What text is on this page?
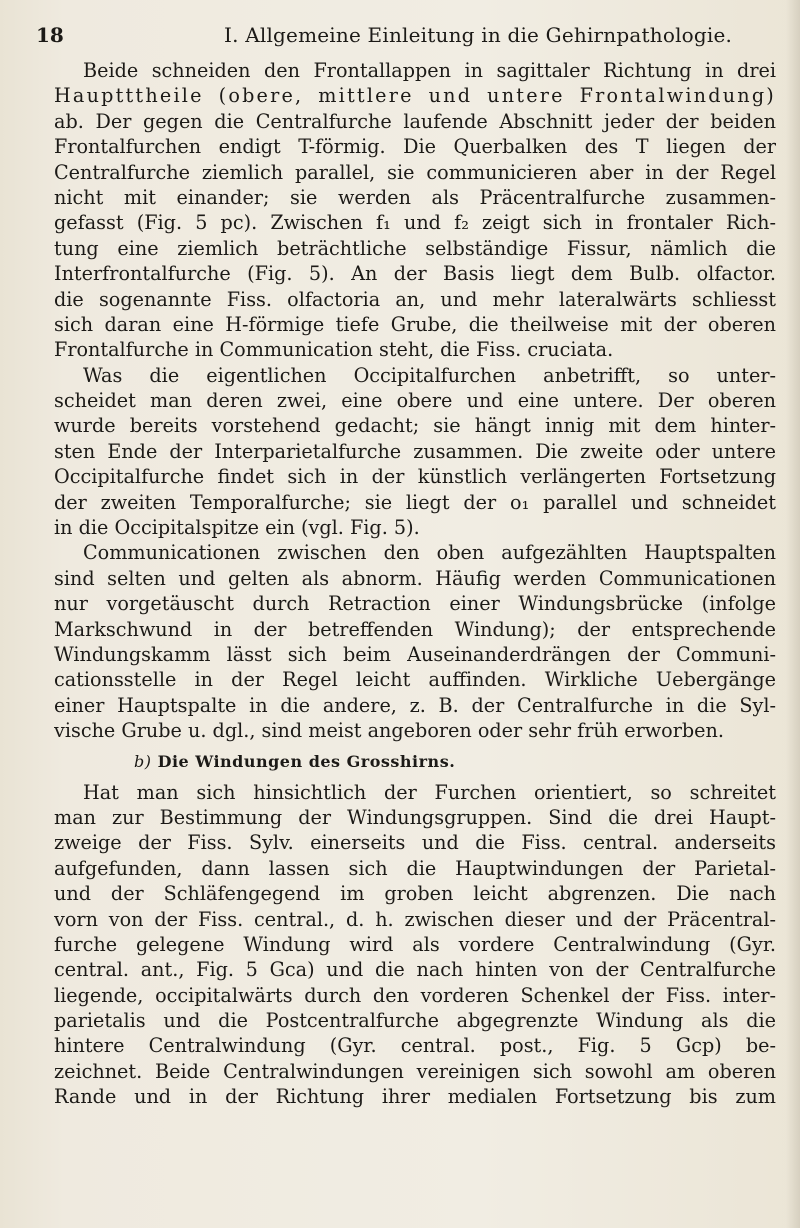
18	I. Allgemeine Einleitung in die Gehirnpathologie.
Beide schneiden den Frontallappen in sagittaler Richtung in drei
Hauptttheile (obere, mittlere und untere Frontalwindung)
ab. Der gegen die Centralfurche laufende Abschnitt jeder der beiden
Frontalfurchen endigt T-förmig. Die Querbalken des T liegen der
Centralfurche ziemlich parallel, sie communicieren aber in der Regel
nicht mit einander; sie werden als Präcentralfurche zusammen-
gefasst (Fig. 5 pc). Zwischen f₁ und f₂ zeigt sich in frontaler Rich-
tung eine ziemlich beträchtliche selbständige Fissur, nämlich die
Interfrontalfurche (Fig. 5). An der Basis liegt dem Bulb. olfactor.
die sogenannte Fiss. olfactoria an, und mehr lateralwärts schliesst
sich daran eine H-förmige tiefe Grube, die theilweise mit der oberen
Frontalfurche in Communication steht, die Fiss. cruciata.
Was die eigentlichen Occipitalfurchen anbetrifft, so unter-
scheidet man deren zwei, eine obere und eine untere. Der oberen
wurde bereits vorstehend gedacht; sie hängt innig mit dem hinter-
sten Ende der Interparietalfurche zusammen. Die zweite oder untere
Occipitalfurche findet sich in der künstlich verlängerten Fortsetzung
der zweiten Temporalfurche; sie liegt der o₁ parallel und schneidet
in die Occipitalspitze ein (vgl. Fig. 5).
Communicationen zwischen den oben aufgezählten Hauptspalten
sind selten und gelten als abnorm. Häufig werden Communicationen
nur vorgetäuscht durch Retraction einer Windungsbrücke (infolge
Markschwund in der betreffenden Windung); der entsprechende
Windungskamm lässt sich beim Auseinanderdrängen der Communi-
cationsstelle in der Regel leicht auffinden. Wirkliche Uebergänge
einer Hauptspalte in die andere, z. B. der Centralfurche in die Syl-
vische Grube u. dgl., sind meist angeboren oder sehr früh erworben.
b) Die Windungen des Grosshirns.
Hat man sich hinsichtlich der Furchen orientiert, so schreitet
man zur Bestimmung der Windungsgruppen. Sind die drei Haupt-
zweige der Fiss. Sylv. einerseits und die Fiss. central. anderseits
aufgefunden, dann lassen sich die Hauptwindungen der Parietal-
und der Schläfengegend im groben leicht abgrenzen. Die nach
vorn von der Fiss. central., d. h. zwischen dieser und der Präcentral-
furche gelegene Windung wird als vordere Centralwindung (Gyr.
central. ant., Fig. 5 Gca) und die nach hinten von der Centralfurche
liegende, occipitalwärts durch den vorderen Schenkel der Fiss. inter-
parietalis und die Postcentralfurche abgegrenzte Windung als die
hintere Centralwindung (Gyr. central. post., Fig. 5 Gcp) be-
zeichnet. Beide Centralwindungen vereinigen sich sowohl am oberen
Rande und in der Richtung ihrer medialen Fortsetzung bis zum
